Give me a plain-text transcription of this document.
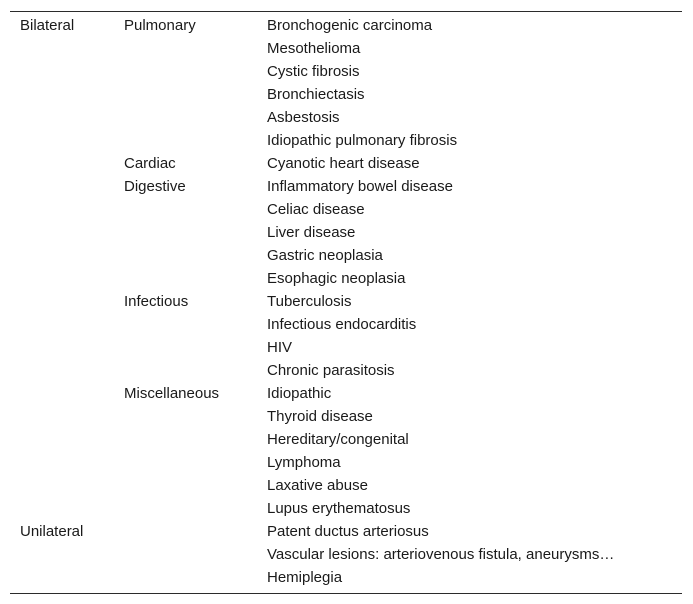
Bilateral	Pulmonary	Bronchogenic carcinoma
		Mesothelioma
		Cystic fibrosis
		Bronchiectasis
		Asbestosis
		Idiopathic pulmonary fibrosis
	Cardiac	Cyanotic heart disease
	Digestive	Inflammatory bowel disease
		Celiac disease
		Liver disease
		Gastric neoplasia
		Esophagic neoplasia
	Infectious	Tuberculosis
		Infectious endocarditis
		HIV
		Chronic parasitosis
	Miscellaneous	Idiopathic
		Thyroid disease
		Hereditary/congenital
		Lymphoma
		Laxative abuse
		Lupus erythematosus
Unilateral		Patent ductus arteriosus
		Vascular lesions: arteriovenous fistula, aneurysms…
		Hemiplegia
